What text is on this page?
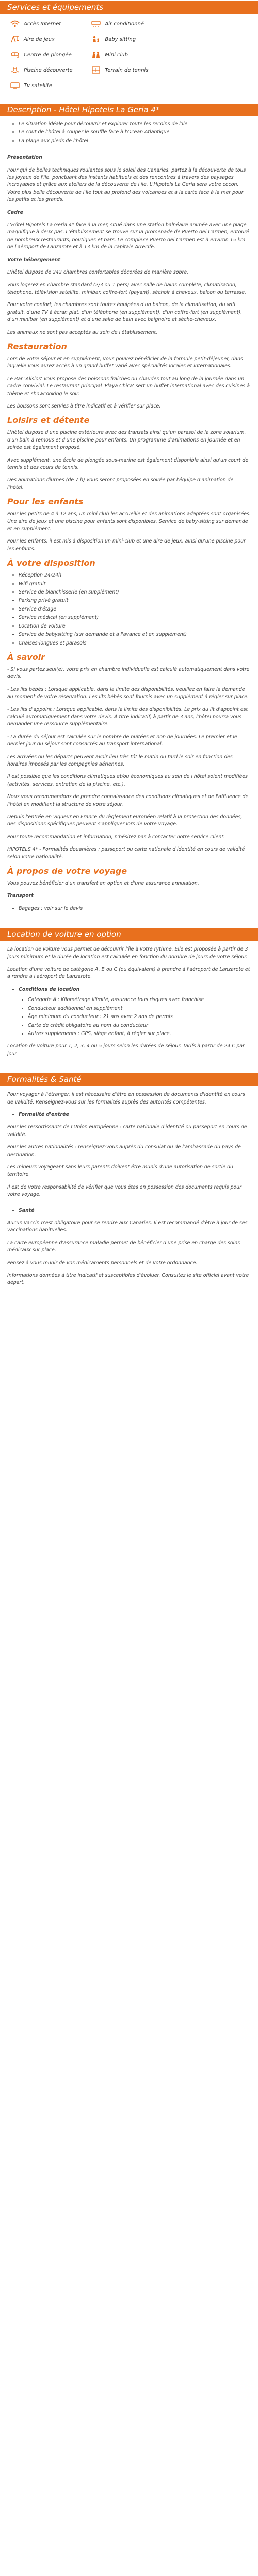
Services et équipements
Accès Internet	Air conditionné
Aire de jeux	Baby sitting
Centre de plongée	Mini club
Piscine découverte	Terrain de tennis
Tv satellite
Description - Hôtel Hipotels La Geria 4*
• Le situation idéale pour découvrir et explorer toute les recoins de l'ile
• Le cout de l'hôtel à couper le souffle face à l'Ocean Atlantique
• La plage aux pieds de l'hôtel

Présentation

Pour qui de belles techniques roulantes sous le soleil des Canaries, partez à la découverte de tous les joyaux de l'île, ponctuant des instants habituels et des rencontres à travers des paysages incroyables et grâce aux ateliers de la découverte de l'île. L'Hipotels La Geria sera votre cocon. Votre plus belle découverte de l'île tout au profond des volcanoes et à la carte face à la mer pour les petits et les grands.

Cadre

L'Hôtel Hipotels La Geria 4* face à la mer, situé dans une station balnéaire animée avec une plage magnifique à deux pas. L'établissement se trouve sur la promenade de Puerto del Carmen, entouré de nombreux restaurants, boutiques et bars. Le complexe Puerto del Carmen est à environ 15 km de l'aéroport de Lanzarote et à 13 km de la capitale Arrecife.

Votre hébergement

L'hôtel dispose de 242 chambres confortables décorées de manière sobre.

Vous logerez en chambre standard (2/3 ou 1 pers) avec salle de bains complète, climatisation, téléphone, télévision satellite, minibar, coffre-fort (payant), séchoir à cheveux, balcon ou terrasse.

Pour votre confort, les chambres sont toutes équipées d'un balcon, de la climatisation, du wifi gratuit, d'une TV à écran plat, d'un téléphone (en supplément), d'un coffre-fort (en supplément), d'un minibar (en supplément) et d'une salle de bain avec baignoire et sèche-cheveux.

Les animaux ne sont pas acceptés au sein de l'établissement.

Restauration

Lors de votre séjour et en supplément, vous pouvez bénéficier de la formule petit-déjeuner, dans laquelle vous aurez accès à un grand buffet varié avec spécialités locales et internationales.

Le Bar 'Alisios' vous propose des boissons fraîches ou chaudes tout au long de la journée dans un cadre convivial. Le restaurant principal 'Playa Chica' sert un buffet international avec des cuisines à thème et showcooking le soir.

Les boissons sont servies à titre indicatif et à vérifier sur place.

Loisirs et détente

L'hôtel dispose d'une piscine extérieure avec des transats ainsi qu'un parasol de la zone solarium, d'un bain à remous et d'une piscine pour enfants. Un programme d'animations en journée et en soirée est également proposé.

Avec supplément, une école de plongée sous-marine est également disponible ainsi qu'un court de tennis et des cours de tennis.

Des animations diurnes (de 7 h) vous seront proposées en soirée par l'équipe d'animation de l'hôtel.

Pour les enfants

Pour les petits de 4 à 12 ans, un mini club les accueille et des animations adaptées sont organisées. Une aire de jeux et une piscine pour enfants sont disponibles. Service de baby-sitting sur demande et en supplément.

Pour les enfants, il est mis à disposition un mini-club et une aire de jeux, ainsi qu'une piscine pour les enfants.

À votre disposition
• Réception 24/24h
• Wifi gratuit
• Service de blanchisserie (en supplément)
• Parking privé gratuit
• Service d'étage
• Service médical (en supplément)
• Location de voiture
• Service de babysitting (sur demande et à l'avance et en supplément)
• Chaises-longues et parasols
À savoir

- Si vous partez seul(e), votre prix en chambre individuelle est calculé automatiquement dans votre devis.

- Les lits bébés : Lorsque applicable, dans la limite des disponibilités, veuillez en faire la demande au moment de votre réservation. Les lits bébés sont fournis avec un supplément à régler sur place.

- Les lits d'appoint : Lorsque applicable, dans la limite des disponibilités. Le prix du lit d'appoint est calculé automatiquement dans votre devis. À titre indicatif, à partir de 3 ans, l'hôtel pourra vous demander une ressource supplémentaire.

- La durée du séjour est calculée sur le nombre de nuitées et non de journées. Le premier et le dernier jour du séjour sont consacrés au transport international.

Les arrivées ou les départs peuvent avoir lieu très tôt le matin ou tard le soir en fonction des horaires imposés par les compagnies aériennes.

Il est possible que les conditions climatiques et/ou économiques au sein de l'hôtel soient modifiées (activités, services, entretien de la piscine, etc.).

Nous vous recommandons de prendre connaissance des conditions climatiques et de l'affluence de l'hôtel en modifiant la structure de votre séjour.

Depuis l'entrée en vigueur en France du règlement européen relatif à la protection des données, des dispositions spécifiques peuvent s'appliquer lors de votre voyage.

Pour toute recommandation et information, n'hésitez pas à contacter notre service client.

HIPOTELS 4* - Formalités douanières : passeport ou carte nationale d'identité en cours de validité selon votre nationalité.

À propos de votre voyage

Vous pouvez bénéficier d'un transfert en option et d'une assurance annulation.

Transport

• Bagages : voir sur le devis
Location de voiture en option

La location de voiture vous permet de découvrir l'île à votre rythme. Elle est proposée à partir de 3 jours minimum et la durée de location est calculée en fonction du nombre de jours de votre séjour.

Location d'une voiture de catégorie A, B ou C (ou équivalent) à prendre à l'aéroport de Lanzarote et à rendre à l'aéroport de Lanzarote.

• Conditions de location
▪ Catégorie A : Kilométrage illimité, assurance tous risques avec franchise
▪ Conducteur additionnel en supplément
▪ Âge minimum du conducteur : 21 ans avec 2 ans de permis
▪ Carte de crédit obligatoire au nom du conducteur
▪ Autres suppléments : GPS, siège enfant, à régler sur place.

Location de voiture pour 1, 2, 3, 4 ou 5 jours selon les durées de séjour. Tarifs à partir de 24 € par jour.

Formalités & Santé

Pour voyager à l'étranger, il est nécessaire d'être en possession de documents d'identité en cours de validité. Renseignez-vous sur les formalités auprès des autorités compétentes.

• Formalité d'entrée

Pour les ressortissants de l'Union européenne : carte nationale d'identité ou passeport en cours de validité.

Pour les autres nationalités : renseignez-vous auprès du consulat ou de l'ambassade du pays de destination.

Les mineurs voyageant sans leurs parents doivent être munis d'une autorisation de sortie du territoire.

Il est de votre responsabilité de vérifier que vous êtes en possession des documents requis pour votre voyage.

• Santé

Aucun vaccin n'est obligatoire pour se rendre aux Canaries. Il est recommandé d'être à jour de ses vaccinations habituelles.

La carte européenne d'assurance maladie permet de bénéficier d'une prise en charge des soins médicaux sur place.

Pensez à vous munir de vos médicaments personnels et de votre ordonnance.

Informations données à titre indicatif et susceptibles d'évoluer. Consultez le site officiel avant votre départ.
